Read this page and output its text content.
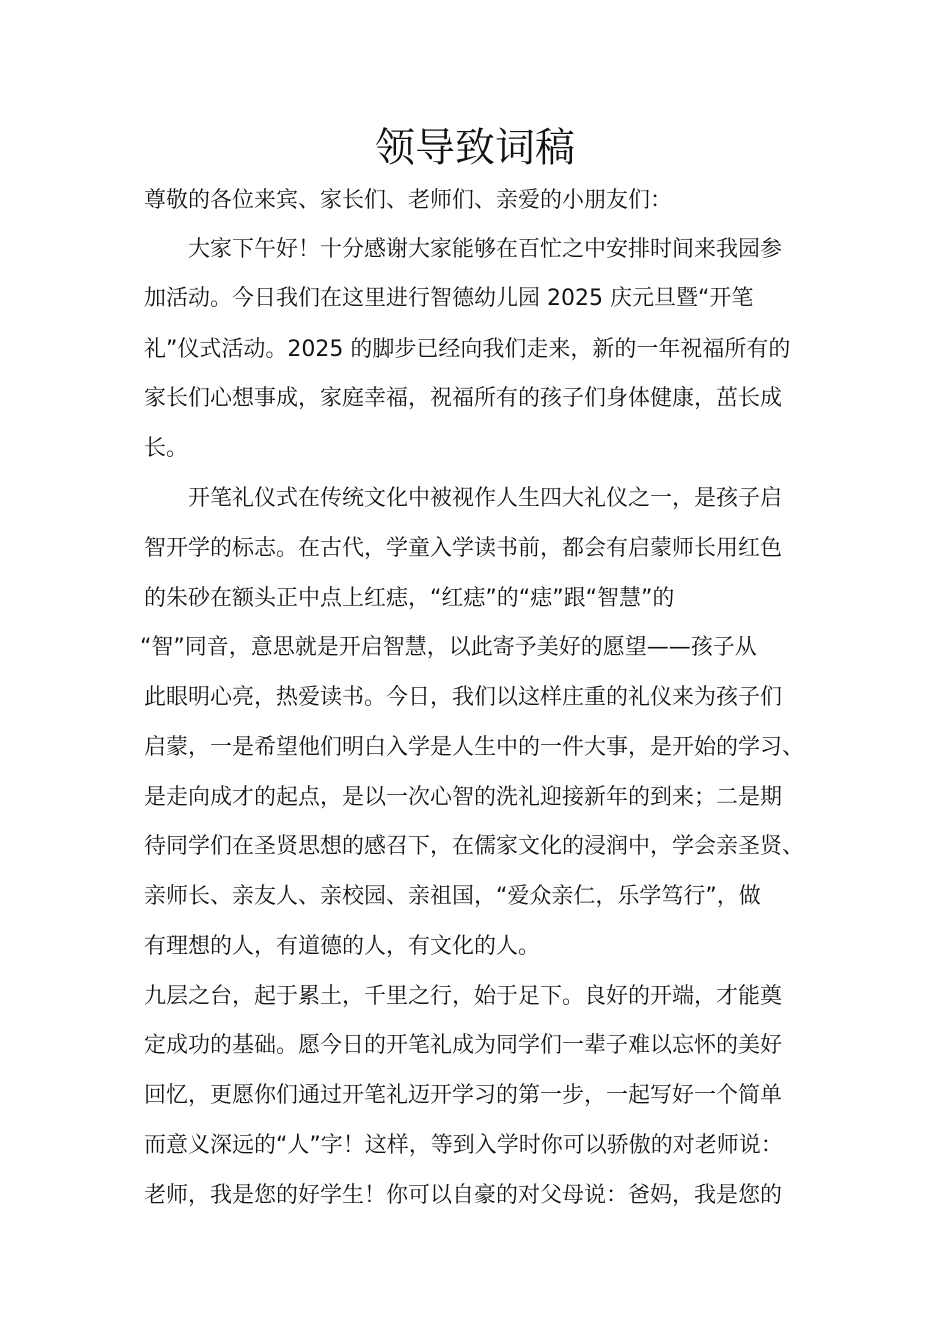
领导致词稿
尊敬的各位来宾、家长们、老师们、亲爱的小朋友们：
大家下午好！十分感谢大家能够在百忙之中安排时间来我园参
加活动。今日我们在这里进行智德幼儿园 2025 庆元旦暨“开笔
礼”仪式活动。2025 的脚步已经向我们走来，新的一年祝福所有的
家长们心想事成，家庭幸福，祝福所有的孩子们身体健康，茁长成
长。
开笔礼仪式在传统文化中被视作人生四大礼仪之一，是孩子启
智开学的标志。在古代，学童入学读书前，都会有启蒙师长用红色
的朱砂在额头正中点上红痣，“红痣”的“痣”跟“智慧”的
“智”同音，意思就是开启智慧，以此寄予美好的愿望——孩子从
此眼明心亮，热爱读书。今日，我们以这样庄重的礼仪来为孩子们
启蒙，一是希望他们明白入学是人生中的一件大事，是开始的学习、
是走向成才的起点，是以一次心智的洗礼迎接新年的到来；二是期
待同学们在圣贤思想的感召下，在儒家文化的浸润中，学会亲圣贤、
亲师长、亲友人、亲校园、亲祖国，“爱众亲仁，乐学笃行”，做
有理想的人，有道德的人，有文化的人。
九层之台，起于累土，千里之行，始于足下。良好的开端，才能奠
定成功的基础。愿今日的开笔礼成为同学们一辈子难以忘怀的美好
回忆，更愿你们通过开笔礼迈开学习的第一步，一起写好一个简单
而意义深远的“人”字！这样，等到入学时你可以骄傲的对老师说：
老师，我是您的好学生！你可以自豪的对父母说：爸妈，我是您的
